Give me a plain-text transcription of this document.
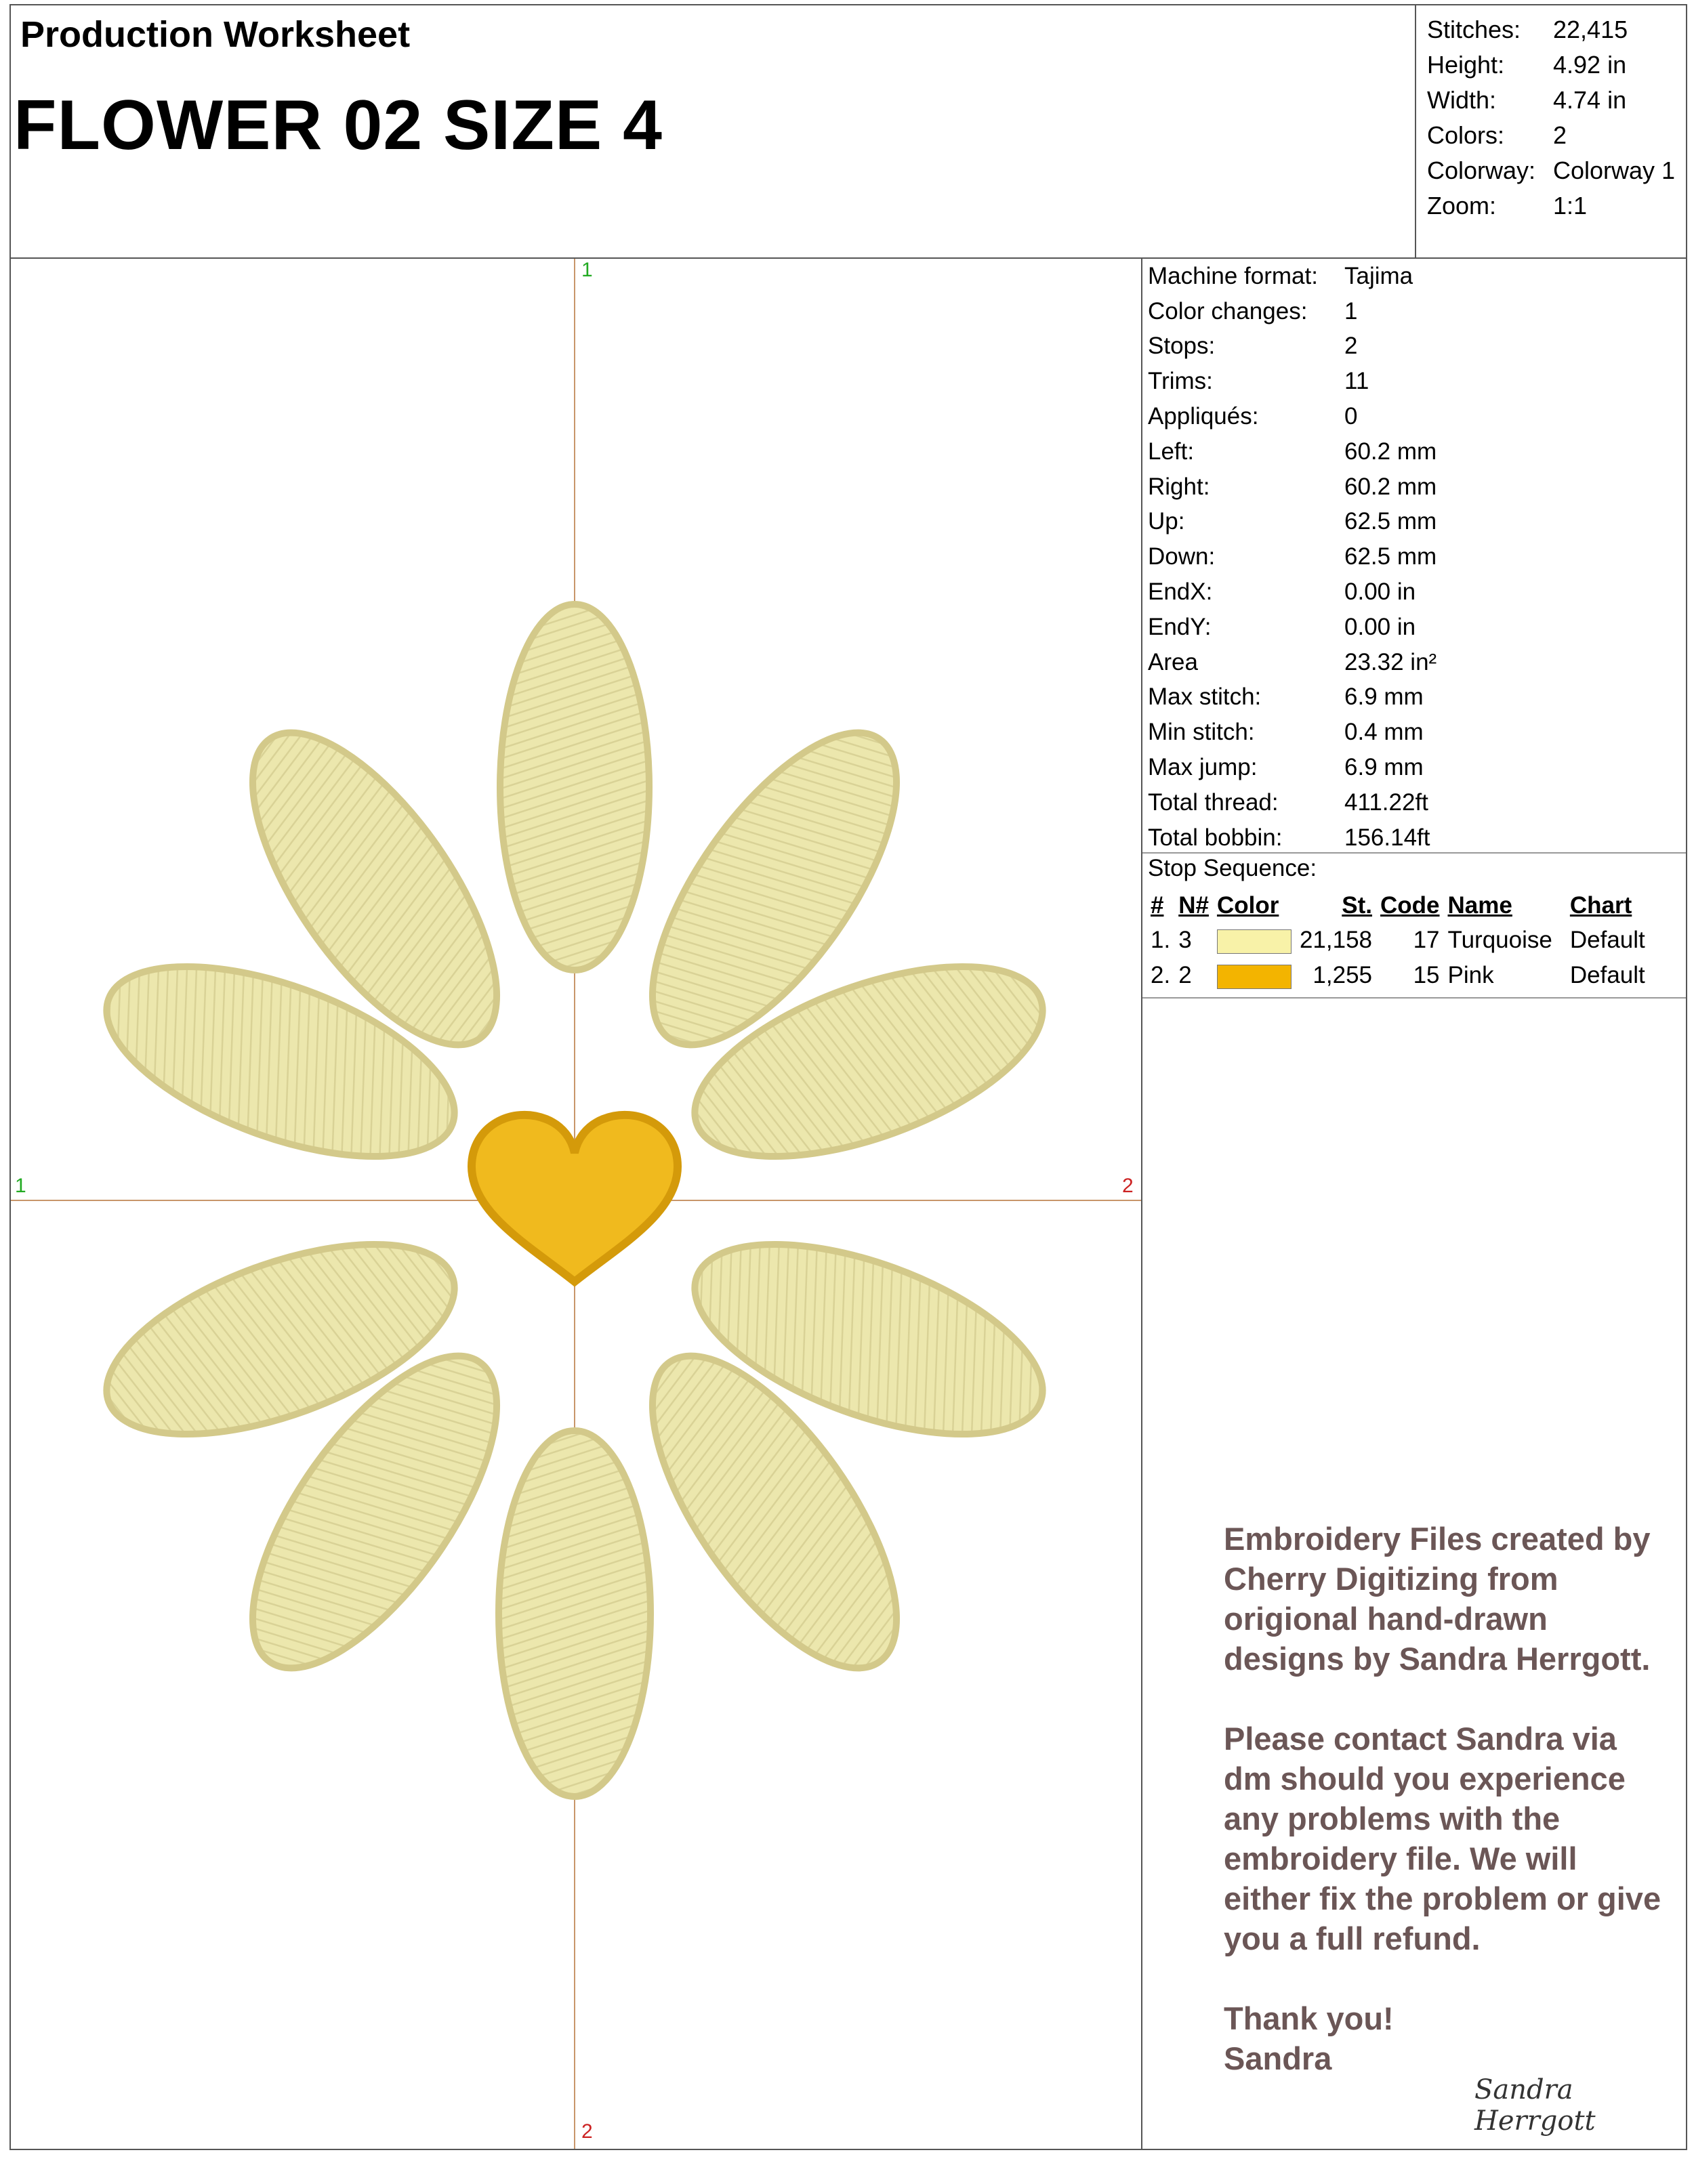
Production Worksheet
FLOWER 02 SIZE 4
Stitches:	22,415
Height:	4.92 in
Width:	4.74 in
Colors:	2
Colorway: Colorway 1
Zoom:	1:1
1
1	2
2
Machine format:	Tajima
Color changes:	1
Stops:	2
Trims:	11
Appliqués:	0
Left:	60.2 mm
Right:	60.2 mm
Up:	62.5 mm
Down:	62.5 mm
EndX:	0.00 in
EndY:	0.00 in
Area	23.32 in²
Max stitch:	6.9 mm
Min stitch:	0.4 mm
Max jump:	6.9 mm
Total thread:	411.22ft
Total bobbin:	156.14ft
Stop Sequence:
#	N#	Color	St.	Code	Name	Chart
1.	3		21,158	17	Turquoise	Default
2.	2		1,255	15	Pink	Default

Embroidery Files created by Cherry Digitizing from origional hand-drawn designs by Sandra Herrgott.

Please contact Sandra via dm should you experience any problems with the embroidery file. We will either fix the problem or give you a full refund.

Thank you!
Sandra
Sandra Herrgott
